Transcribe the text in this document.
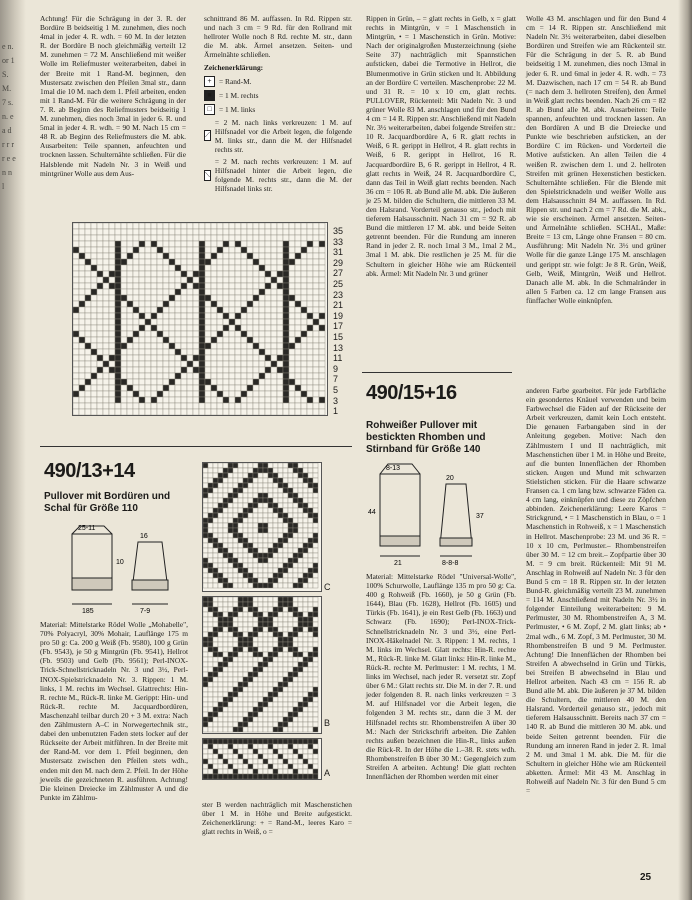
e n. or 1 S. M. 7 s. n. e a d r r r r e e n n l

Achtung! Für die Schrägung in der 3. R. der Bordüre B beidseitig 1 M. zunehmen, dies noch 4mal in jeder 4. R. wdh. = 60 M. In der letzten R. der Bordüre B noch gleichmäßig verteilt 12 M. zunehmen = 72 M. Anschließend mit weißer Wolle im Reliefmuster weiterarbeiten, dabei in der Breite mit 1 Rand-M. beginnen, den Mustersatz zwischen den Pfeilen 3mal str., dann 1mal die 10 M. nach dem 1. Pfeil arbeiten, enden mit 1 Rand-M. Für die weitere Schrägung in der 7. R. ab Beginn des Reliefmusters beidseitig 1 M. zunehmen, dies noch 3mal in jeder 6. R. und 5mal in jeder 4. R. wdh. = 90 M. Nach 15 cm = 48 R. ab Beginn des Reliefmusters die M. abk. Ausarbeiten: Teile spannen, anfeuchten und trocknen lassen. Schulternähte schließen. Für die Halsblende mit Nadeln Nr. 3 in Weiß und mintgrüner Wolle aus dem Aus-

schnittrand 86 M. auffassen. In Rd. Rippen str. und nach 3 cm = 9 Rd. für den Rollrand mit hellroter Wolle noch 8 Rd. rechte M. str., dann die M. abk. Ärmel ansetzen. Seiten- und Ärmelnähte schließen.

Zeichenerklärung:

+	= Rand-M.
■ = 1 M. rechts
□ = 1 M. links
⟋
= 2 M. nach links verkreuzen: 1 M. auf Hilfsnadel vor die Arbeit legen, die folgende M. links str., dann die M. der Hilfsnadel rechts str.
⟍
= 2 M. nach rechts verkreuzen: 1 M. auf Hilfsnadel hinter die Arbeit legen, die folgende M. rechts str., dann die M. der Hilfsnadel links str.
35
33
31
29
27
25
23
21
19
17
15
13
11
9
7
5
3
1
490/13+14
Pullover mit Bordüren und Schal für Größe 110
25-11
16
10
185	7-9

Material: Mittelstarke Rödel Wolle „Mohabelle", 70% Polyacryl, 30% Mohair, Lauflänge 175 m pro 50 g: Ca. 200 g Weiß (Fb. 9580), 100 g Grün (Fb. 9543), je 50 g Mintgrün (Fb. 9541), Hellrot (Fb. 9503) und Gelb (Fb. 9561); Perl-INOX-Trick-Schnellstricknadeln Nr. 3 und 3½, Perl-INOX-Spielstricknadeln Nr. 3. Rippen: 1 M. links, 1 M. rechts im Wechsel. Glattrechts: Hin-R. rechte M., Rück-R. linke M. Gerippt: Hin- und Rück-R. rechte M. Jacquardbordüren, Maschenzahl teilbar durch 20 + 3 M. extra: Nach den Zählmustern A–C in Norwegertechnik str., dabei den unbenutzten Faden stets locker auf der Rückseite der Arbeit mitführen. In der Breite mit der Rand-M. vor dem 1. Pfeil beginnen, den Mustersatz zwischen den Pfeilen stets wdh., enden mit den M. nach dem 2. Pfeil. In der Höhe jeweils die gezeichneten R. ausführen. Achtung! Die kleinen Dreiecke im Zählmuster A und die Punkte im Zählmu-

C
B
A

ster B werden nachträglich mit Maschenstichen über 1 M. in Höhe und Breite aufgestickt. Zeichenerklärung: + = Rand-M., leeres Karo = glatt rechts in Weiß, o =

Rippen in Grün, – = glatt rechts in Gelb, x = glatt rechts in Mintgrün, v = 1 Maschenstich in Mintgrün, • = 1 Maschenstich in Grün. Motive: Nach der originalgroßen Musterzeichnung (siehe Seite 37) nachträglich mit Spannstichen aufsticken, dabei die Termotive in Hellrot, die Blumenmotive in Grün sticken und lt. Abbildung an der Bordüre C verteilen. Maschenprobe: 22 M. und 31 R. = 10 x 10 cm, glatt rechts. PULLOVER, Rückenteil: Mit Nadeln Nr. 3 und grüner Wolle 83 M. anschlagen und für den Bund 4 cm = 14 R. Rippen str. Anschließend mit Nadeln Nr. 3½ weiterarbeiten, dabei folgende Streifen str.: 10 R. Jacquardbordüre A, 6 R. glatt rechts in Weiß, 6 R. gerippt in Hellrot, 4 R. glatt rechts in Weiß, 6 R. gerippt in Hellrot, 16 R. Jacquardbordüre B, 6 R. gerippt in Hellrot, 4 R. glatt rechts in Weiß, 24 R. Jacquardbordüre C, dann das Teil in Weiß glatt rechts beenden. Nach 36 cm = 106 R. ab Bund alle M. abk. Die äußeren je 25 M. bilden die Schultern, die mittleren 33 M. den Halsrand. Vorderteil genauso str., jedoch mit tieferem Halsausschnitt. Nach 31 cm = 92 R. ab Bund die mittleren 17 M. abk. und beide Seiten getrennt beenden. Für die Rundung am inneren Rand in jeder 2. R. noch 1mal 3 M., 1mal 2 M., 3mal 1 M. abk. Die restlichen je 25 M. für die Schultern in gleicher Höhe wie am Rückenteil abk. Ärmel: Mit Nadeln Nr. 3 und grüner

490/15+16
Rohweißer Pullover mit bestickten Rhomben und Stirnband für Größe 140
8-13
20
44
21	8-8-8
37

Material: Mittelstarke Rödel "Universal-Wolle", 100% Schurwolle, Lauflänge 135 m pro 50 g: Ca. 400 g Rohweiß (Fb. 1660), je 50 g Grün (Fb. 1644), Blau (Fb. 1628), Hellrot (Fb. 1605) und Türkis (Fb. 1641), je ein Rest Gelb (Fb. 1663) und Schwarz (Fb. 1690); Perl-INOX-Trick-Schnellstricknadeln Nr. 3 und 3½, eine Perl-INOX-Häkelnadel Nr. 3. Rippen: 1 M. rechts, 1 M. links im Wechsel. Glatt rechts: Hin-R. rechte M., Rück-R. linke M. Glatt links: Hin-R. linke M., Rück-R. rechte M. Perlmuster: 1 M. rechts, 1 M. links im Wechsel, nach jeder R. versetzt str. Zopf über 6 M.: Glatt rechts str. Die M. in der 7. R. und jeder folgenden 8. R. nach links verkreuzen = 3 M. auf Hilfsnadel vor die Arbeit legen, die folgenden 3 M. rechts str., dann die 3 M. der Hilfsnadel rechts str. Rhombenstreifen A über 30 M.: Nach der Strickschrift arbeiten. Die Zahlen rechts außen bezeichnen die Hin-R., links außen die Rück-R. In der Höhe die 1.–38. R. stets wdh. Rhombenstreifen B über 30 M.: Gegengleich zum Streifen A arbeiten. Achtung! Die glatt rechten Innenflächen der Rhomben werden mit einer

Wolle 43 M. anschlagen und für den Bund 4 cm = 14 R. Rippen str. Anschließend mit Nadeln Nr. 3½ weiterarbeiten, dabei dieselben Bordüren und Streifen wie am Rückenteil str. Für die Schrägung in der 5. R. ab Bund beidseitig 1 M. zunehmen, dies noch 13mal in jeder 6. R. und 6mal in jeder 4. R. wdh. = 73 M. Dazwischen, nach 17 cm = 54 R. ab Bund (= nach dem 3. hellroten Streifen), den Ärmel in Weiß glatt rechts beenden. Nach 26 cm = 82 R. ab Bund alle M. abk. Ausarbeiten: Teile spannen, anfeuchten und trocknen lassen. An den Bordüren A und B die Dreiecke und Punkte wie beschrieben aufsticken, an der Bordüre C im Rücken- und Vorderteil die Motive aufsticken. An allen Teilen die 4 weißen R. zwischen dem 1. und 2. hellroten Streifen mit grünen Hexenstichen besticken. Schulternähte schließen. Für die Blende mit den Spielstricknadeln und weißer Wolle aus dem Halsausschnitt 84 M. auffassen. In Rd. Rippen str. und nach 2 cm = 7 Rd. die M. abk., wie sie erscheinen. Ärmel ansetzen. Seiten- und Ärmelnähte schließen. SCHAL, Maße: Breite = 13 cm, Länge ohne Fransen = 80 cm. Ausführung: Mit Nadeln Nr. 3½ und grüner Wolle für die ganze Länge 175 M. anschlagen und gerippt str. wie folgt: Je 8 R. Grün, Weiß, Gelb, Weiß, Mintgrün, Weiß und Hellrot. Danach alle M. abk. In die Schmalränder in allen 5 Farben ca. 12 cm lange Fransen aus fünffacher Wolle einknüpfen.

anderen Farbe gearbeitet. Für jede Farbfläche ein gesondertes Knäuel verwenden und beim Farbwechsel die Fäden auf der Rückseite der Arbeit verkreuzen, damit kein Loch entsteht. Die genauen Farbangaben sind in der Anleitung gegeben. Motive: Nach den Zählmustern I und II nachträglich, mit Maschenstichen über 1 M. in Höhe und Breite, auf die bunten Innenflächen der Rhomben sticken. Augen und Mund mit schwarzen Stielstichen sticken. Für die Haare schwarze Fransen ca. 1 cm lang bzw. schwarze Fäden ca. 4 cm lang, einknüpfen und diese zu Zöpfchen abbinden. Zeichenerklärung: Leere Karos = Strickgrund, • = 1 Maschenstich in Blau, o = 1 Maschenstich in Rohweiß, x = 1 Maschenstich in Hellrot. Maschenprobe: 23 M. und 36 R. = 10 x 10 cm, Perlmuster.– Rhombenstreifen über 30 M. = 12 cm breit.– Zopfpartie über 30 M. = 9 cm breit. Rückenteil: Mit 91 M. Anschlag in Rohweiß auf Nadeln Nr. 3 für den Bund 5 cm = 18 R. Rippen str. In der letzten Bund-R. gleichmäßig verteilt 23 M. zunehmen = 114 M. Anschließend mit Nadeln Nr. 3½ in folgender Einteilung weiterarbeiten: 9 M. Perlmuster, 30 M. Rhombenstreifen A, 3 M. Perlmuster, • 6 M. Zopf, 2 M. glatt links; ab • 2mal wdh., 6 M. Zopf, 3 M. Perlmuster, 30 M. Rhombenstreifen B und 9 M. Perlmuster. Achtung! Die Innenflächen der Rhomben bei Streifen A abwechselnd in Grün und Türkis, bei Streifen B abwechselnd in Blau und Hellrot arbeiten. Nach 43 cm = 156 R. ab Bund alle M. abk. Die äußeren je 37 M. bilden die Schultern, die mittleren 40 M. den Halsrand. Vorderteil genauso str., jedoch mit tieferem Halsausschnitt. Bereits nach 37 cm = 140 R. ab Bund die mittleren 30 M. abk. und beide Seiten getrennt beenden. Für die Rundung am inneren Rand in jeder 2. R. 1mal 2 M. und 3mal 1 M. abk. Die M. für die Schultern in gleicher Höhe wie am Rückenteil abketten. Ärmel: Mit 43 M. Anschlag in Rohweiß auf Nadeln Nr. 3 für den Bund 5 cm =

25
